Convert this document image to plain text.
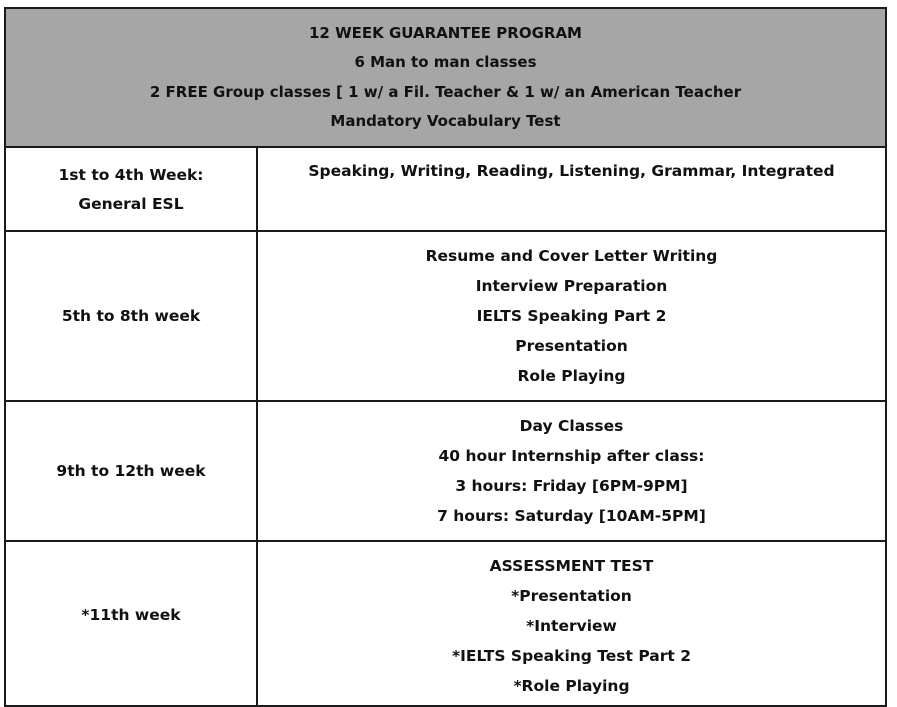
12 WEEK GUARANTEE PROGRAM
6 Man to man classes
2 FREE Group classes [ 1 w/ a Fil. Teacher & 1 w/ an American Teacher
Mandatory Vocabulary Test
1st to 4th Week:
General ESL
Speaking, Writing, Reading, Listening, Grammar, Integrated
5th to 8th week
Resume and Cover Letter Writing
Interview Preparation
IELTS Speaking Part 2
Presentation
Role Playing
9th to 12th week
Day Classes
40 hour Internship after class:
3 hours: Friday [6PM-9PM]
7 hours: Saturday [10AM-5PM]
*11th week
ASSESSMENT TEST
*Presentation
*Interview
*IELTS Speaking Test Part 2
*Role Playing
